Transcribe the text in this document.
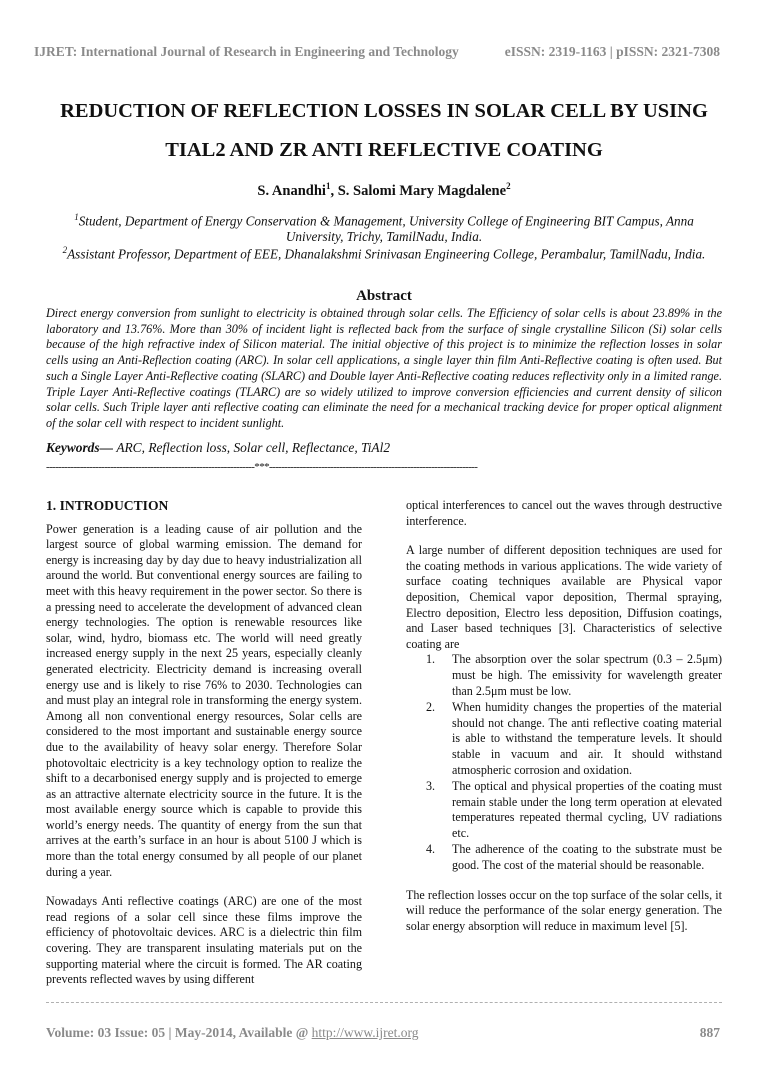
IJRET: International Journal of Research in Engineering and Technology	eISSN: 2319-1163 | pISSN: 2321-7308
REDUCTION OF REFLECTION LOSSES IN SOLAR CELL BY USING
TIAL2 AND ZR ANTI REFLECTIVE COATING
S. Anandhi$^1$, S. Salomi Mary Magdalene$^2$
$^1$Student, Department of Energy Conservation & Management, University College of Engineering BIT Campus, Anna University, Trichy, TamilNadu, India.
$^2$Assistant Professor, Department of EEE, Dhanalakshmi Srinivasan Engineering College, Perambalur, TamilNadu, India.
Abstract
Direct energy conversion from sunlight to electricity is obtained through solar cells. The Efficiency of solar cells is about 23.89% in the laboratory and 13.76%. More than 30% of incident light is reflected back from the surface of single crystalline Silicon (Si) solar cells because of the high refractive index of Silicon material. The initial objective of this project is to minimize the reflection losses in solar cells using an Anti-Reflection coating (ARC). In solar cell applications, a single layer thin film Anti-Reflective coating is often used. But such a Single Layer Anti-Reflective coating (SLARC) and Double layer Anti-Reflective coating reduces reflectivity only in a limited range. Triple Layer Anti-Reflective coatings (TLARC) are so widely utilized to improve conversion efficiencies and current density of silicon solar cells. Such Triple layer anti reflective coating can eliminate the need for a mechanical tracking device for proper optical alignment of the solar cell with respect to incident sunlight.
Keywords— ARC, Reflection loss, Solar cell, Reflectance, TiAl2
--------------------------------------------------------------------***--------------------------------------------------------------------

1. INTRODUCTION

Power generation is a leading cause of air pollution and the largest source of global warming emission. The demand for energy is increasing day by day due to heavy industrialization all around the world. But conventional energy sources are failing to meet with this heavy requirement in the power sector. So there is a pressing need to accelerate the development of advanced clean energy technologies. The option is renewable resources like solar, wind, hydro, biomass etc. The world will need greatly increased energy supply in the next 25 years, especially cleanly generated electricity. Electricity demand is increasing overall energy use and is likely to rise 76% to 2030. Technologies can and must play an integral role in transforming the energy system. Among all non conventional energy resources, Solar cells are considered to the most important and sustainable energy source due to the availability of heavy solar energy. Therefore Solar photovoltaic electricity is a key technology option to realize the shift to a decarbonised energy supply and is projected to emerge as an attractive alternate electricity source in the future. It is the most available energy source which is capable to provide this world’s energy needs. The quantity of energy from the sun that arrives at the earth’s surface in an hour is about 5100 J which is more than the total energy consumed by all people of our planet during a year.

Nowadays Anti reflective coatings (ARC) are one of the most read regions of a solar cell since these films improve the efficiency of photovoltaic devices. ARC is a dielectric thin film covering. They are transparent insulating materials put on the supporting material where the circuit is formed. The AR coating prevents reflected waves by using different

optical interferences to cancel out the waves through destructive interference.

A large number of different deposition techniques are used for the coating methods in various applications. The wide variety of surface coating techniques available are Physical vapor deposition, Chemical vapor deposition, Thermal spraying, Electro deposition, Electro less deposition, Diffusion coatings, and Laser based techniques [3]. Characteristics of selective coating are

1. The absorption over the solar spectrum (0.3 – 2.5μm) must be high. The emissivity for wavelength greater than 2.5μm must be low.
2. When humidity changes the properties of the material should not change. The anti reflective coating material is able to withstand the temperature levels. It should stable in vacuum and air. It should withstand atmospheric corrosion and oxidation.
3. The optical and physical properties of the coating must remain stable under the long term operation at elevated temperatures repeated thermal cycling, UV radiations etc.
4. The adherence of the coating to the substrate must be good. The cost of the material should be reasonable.

The reflection losses occur on the top surface of the solar cells, it will reduce the performance of the solar energy generation. The solar energy absorption will reduce in maximum level [5].

Volume: 03 Issue: 05 | May-2014, Available @ http://www.ijret.org	887
